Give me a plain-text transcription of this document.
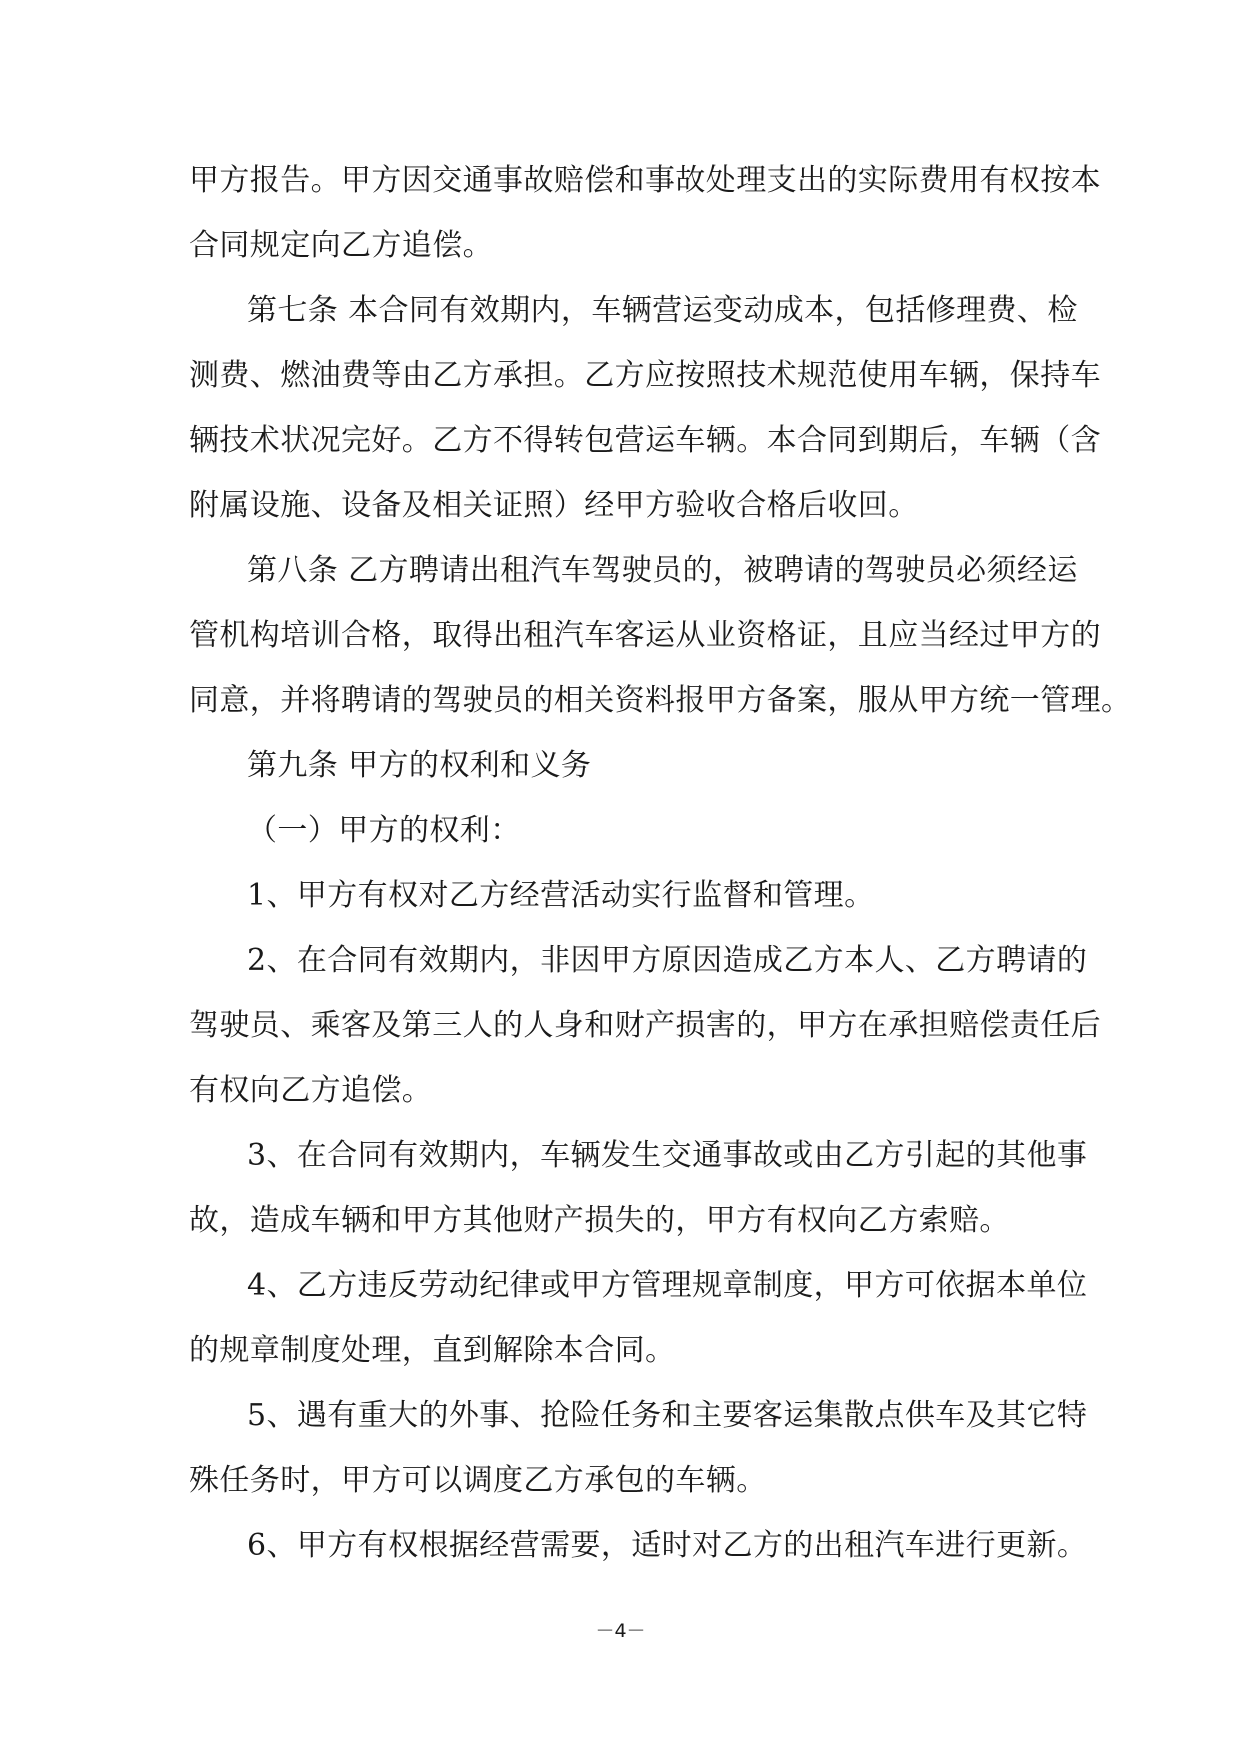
甲方报告。甲方因交通事故赔偿和事故处理支出的实际费用有权按本
合同规定向乙方追偿。
第七条 本合同有效期内，车辆营运变动成本，包括修理费、检
测费、燃油费等由乙方承担。乙方应按照技术规范使用车辆，保持车
辆技术状况完好。乙方不得转包营运车辆。本合同到期后，车辆（含
附属设施、设备及相关证照）经甲方验收合格后收回。
第八条 乙方聘请出租汽车驾驶员的，被聘请的驾驶员必须经运
管机构培训合格，取得出租汽车客运从业资格证，且应当经过甲方的
同意，并将聘请的驾驶员的相关资料报甲方备案，服从甲方统一管理。
第九条 甲方的权利和义务
（一）甲方的权利：
1、甲方有权对乙方经营活动实行监督和管理。
2、在合同有效期内，非因甲方原因造成乙方本人、乙方聘请的
驾驶员、乘客及第三人的人身和财产损害的，甲方在承担赔偿责任后
有权向乙方追偿。
3、在合同有效期内，车辆发生交通事故或由乙方引起的其他事
故，造成车辆和甲方其他财产损失的，甲方有权向乙方索赔。
4、乙方违反劳动纪律或甲方管理规章制度，甲方可依据本单位
的规章制度处理，直到解除本合同。
5、遇有重大的外事、抢险任务和主要客运集散点供车及其它特
殊任务时，甲方可以调度乙方承包的车辆。
6、甲方有权根据经营需要，适时对乙方的出租汽车进行更新。
－4－
